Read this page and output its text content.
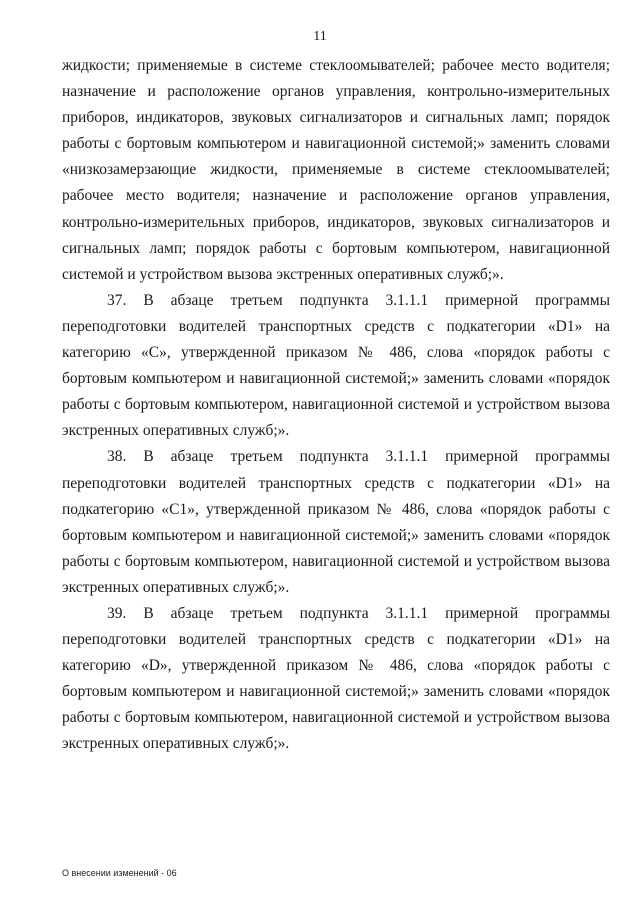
11

жидкости; применяемые в системе стеклоомывателей; рабочее место водителя; назначение и расположение органов управления, контрольно-измерительных приборов, индикаторов, звуковых сигнализаторов и сигнальных ламп; порядок работы с бортовым компьютером и навигационной системой;» заменить словами «низкозамерзающие жидкости, применяемые в системе стеклоомывателей; рабочее место водителя; назначение и расположение органов управления, контрольно-измерительных приборов, индикаторов, звуковых сигнализаторов и сигнальных ламп; порядок работы с бортовым компьютером, навигационной системой и устройством вызова экстренных оперативных служб;».

37. В абзаце третьем подпункта 3.1.1.1 примерной программы переподготовки водителей транспортных средств с подкатегории «D1» на категорию «С», утвержденной приказом № 486, слова «порядок работы с бортовым компьютером и навигационной системой;» заменить словами «порядок работы с бортовым компьютером, навигационной системой и устройством вызова экстренных оперативных служб;».

38. В абзаце третьем подпункта 3.1.1.1 примерной программы переподготовки водителей транспортных средств с подкатегории «D1» на подкатегорию «С1», утвержденной приказом № 486, слова «порядок работы с бортовым компьютером и навигационной системой;» заменить словами «порядок работы с бортовым компьютером, навигационной системой и устройством вызова экстренных оперативных служб;».

39. В абзаце третьем подпункта 3.1.1.1 примерной программы переподготовки водителей транспортных средств с подкатегории «D1» на категорию «D», утвержденной приказом № 486, слова «порядок работы с бортовым компьютером и навигационной системой;» заменить словами «порядок работы с бортовым компьютером, навигационной системой и устройством вызова экстренных оперативных служб;».

О внесении изменений - 06
